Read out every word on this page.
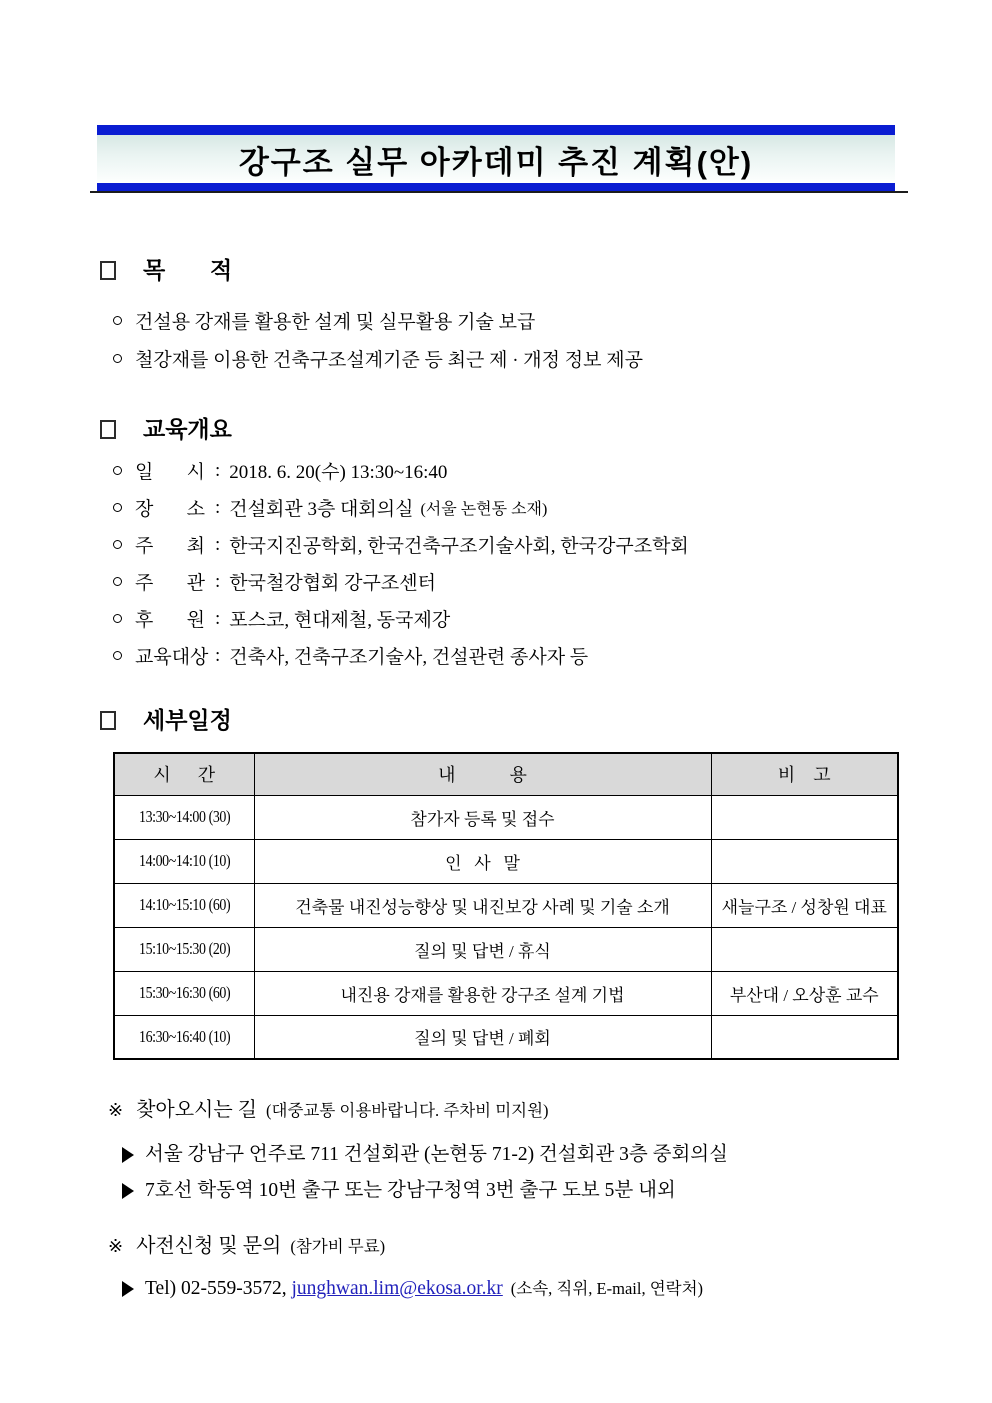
강구조 실무 아카데미 추진 계획(안)
목       적
건설용 강재를 활용한 설계 및 실무활용 기술 보급
철강재를 이용한 건축구조설계기준 등 최근 제 · 개정 정보 제공
교육개요
일       시 : 2018. 6. 20(수) 13:30~16:40
장       소 : 건설회관 3층 대회의실 (서울 논현동 소재)
주       최 : 한국지진공학회, 한국건축구조기술사회, 한국강구조학회
주       관 : 한국철강협회 강구조센터
후       원 : 포스코, 현대제철, 동국제강
교육대상 : 건축사, 건축구조기술사, 건설관련 종사자 등
세부일정
시      간	내            용	비    고
13:30~14:00 (30)	참가자 등록 및 접수	
14:00~14:10 (10)	인   사   말	
14:10~15:10 (60)	건축물 내진성능향상 및 내진보강 사례 및 기술 소개	새늘구조 / 성창원 대표
15:10~15:30 (20)	질의 및 답변 / 휴식	
15:30~16:30 (60)	내진용 강재를 활용한 강구조 설계 기법	부산대 / 오상훈 교수
16:30~16:40 (10)	질의 및 답변 / 폐회	
※ 찾아오시는 길 (대중교통 이용바랍니다. 주차비 미지원)
서울 강남구 언주로 711 건설회관 (논현동 71-2) 건설회관 3층 중회의실
7호선 학동역 10번 출구 또는 강남구청역 3번 출구 도보 5분 내외
※ 사전신청 및 문의 (참가비 무료)
Tel) 02-559-3572,
junghwan.lim@ekosa.or.kr (소속, 직위, E-mail, 연락처)
